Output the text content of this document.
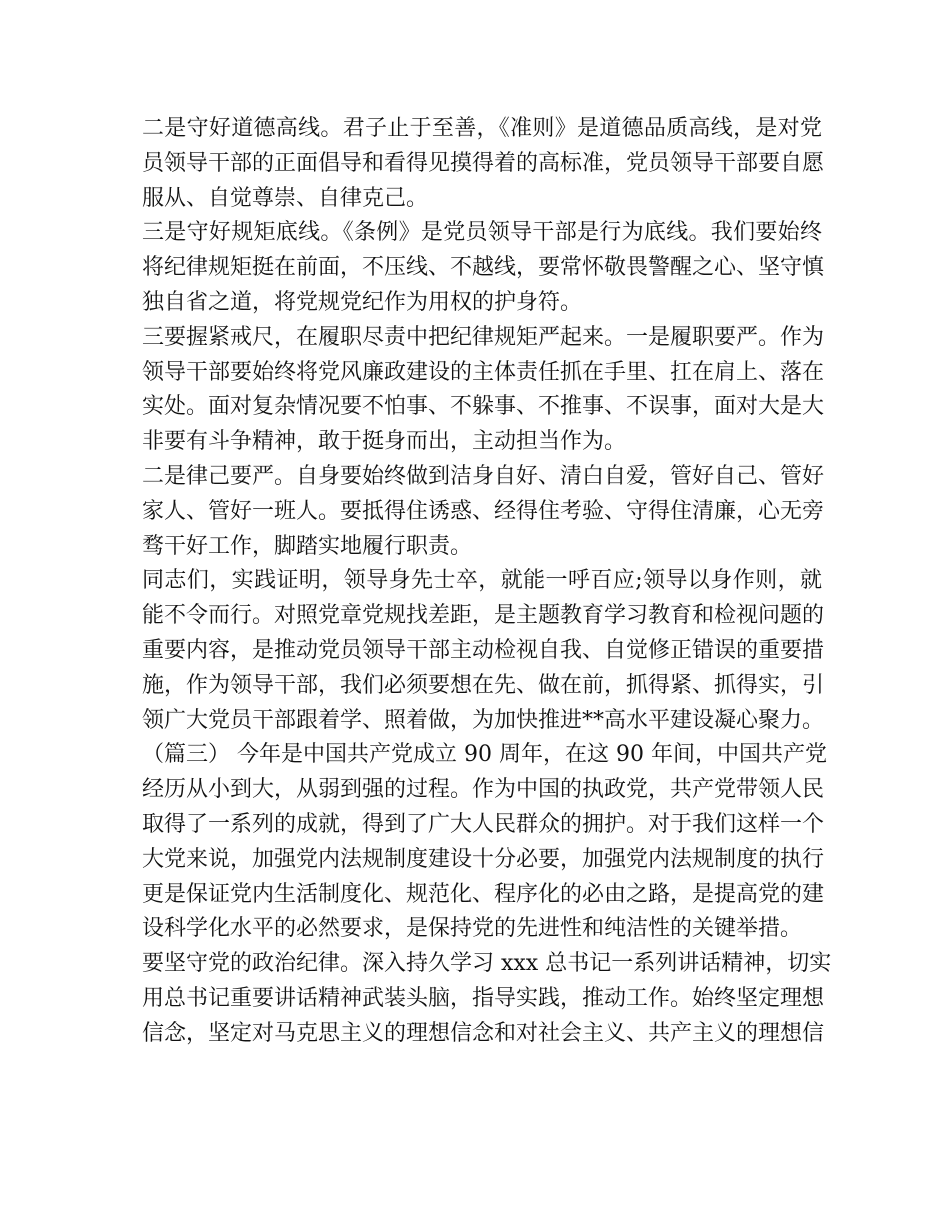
二是守好道德高线。君子止于至善，《准则》是道德品质高线，是对党
员领导干部的正面倡导和看得见摸得着的高标准，党员领导干部要自愿
服从、自觉尊崇、自律克己。
三是守好规矩底线。《条例》是党员领导干部是行为底线。我们要始终
将纪律规矩挺在前面，不压线、不越线，要常怀敬畏警醒之心、坚守慎
独自省之道，将党规党纪作为用权的护身符。
三要握紧戒尺，在履职尽责中把纪律规矩严起来。一是履职要严。作为
领导干部要始终将党风廉政建设的主体责任抓在手里、扛在肩上、落在
实处。面对复杂情况要不怕事、不躲事、不推事、不误事，面对大是大
非要有斗争精神，敢于挺身而出，主动担当作为。
二是律己要严。自身要始终做到洁身自好、清白自爱，管好自己、管好
家人、管好一班人。要抵得住诱惑、经得住考验、守得住清廉，心无旁
骛干好工作，脚踏实地履行职责。
同志们，实践证明，领导身先士卒，就能一呼百应;领导以身作则，就
能不令而行。对照党章党规找差距，是主题教育学习教育和检视问题的
重要内容，是推动党员领导干部主动检视自我、自觉修正错误的重要措
施，作为领导干部，我们必须要想在先、做在前，抓得紧、抓得实，引
领广大党员干部跟着学、照着做，为加快推进**高水平建设凝心聚力。
（篇三） 今年是中国共产党成立 90 周年，在这 90 年间，中国共产党
经历从小到大，从弱到强的过程。作为中国的执政党，共产党带领人民
取得了一系列的成就，得到了广大人民群众的拥护。对于我们这样一个
大党来说，加强党内法规制度建设十分必要，加强党内法规制度的执行
更是保证党内生活制度化、规范化、程序化的必由之路，是提高党的建
设科学化水平的必然要求，是保持党的先进性和纯洁性的关键举措。
要坚守党的政治纪律。深入持久学习 xxx 总书记一系列讲话精神，切实
用总书记重要讲话精神武装头脑，指导实践，推动工作。始终坚定理想
信念，坚定对马克思主义的理想信念和对社会主义、共产主义的理想信
